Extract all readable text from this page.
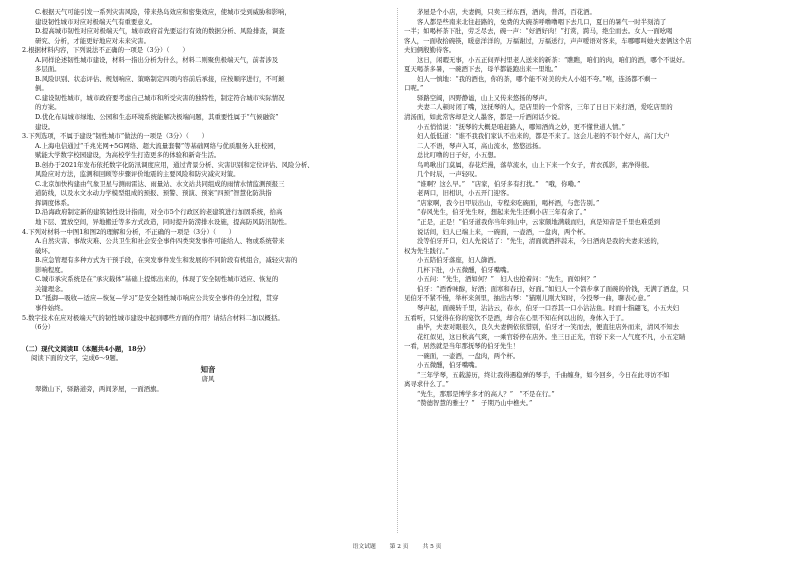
C.根据天气可能引发一系列灾害风险，带来热岛效应和密集效应，使城市受到威胁和影响，
建设韧性城市对应对极端天气有重要意义。
D.提高城市韧性对应对极端天气，城市政府首先要运行有效的数据分析、风险排查，调查
研究、分析，才能更好地应对未来灾害。
2.根据材料内容，下列说法不正确的一项是（3分）（　　）
A.同样论述韧性城市建设，材料一指出分析为什么，材料二则聚焦极端天气，前者涉及
多层面。
B.风险识别、状态评估、规划响应、策略制定四项内容前后承接，应按顺序进行，不可颠
倒。
C.建设韧性城市，城市政府要考虑自己城市和所受灾害的独特性，制定符合城市实际情况
的方案。
D.优化布局城市绿地、公园和生态环境系统能解决极端问题，其重要性属于“气候融资”
建设。
3.下列选项，不属于建设“韧性城市”做法的一项是（3分）（　　）
A.上海电信通过“千兆光网+5G网络、超大流量套餐”等基础网络与优质服务入驻校园，
赋能大学数字校园建设，为高校学生打造更多的体验和新奇生活。
B.创办于2021年发布依托数字化防汛调度应用，通过背景分析、灾害识别和定位评估、风险分析、
风险应对方法，监测和回顾等步骤评价地震的主要风险和防灾减灾对策。
C.北京加快构建由气象卫星与测雨雷达、雨量站、水文站共同组成的雨情水情监测预报三
道防线，以及水文水动力学模型组成的预报、预警、预演、预案“四预”智慧化防洪指
挥调度体系。
D.沿海政府制定新的建筑韧性设计指南，对全市5个行政区的老建筑进行加固系统，拾高
地下层、置放空间，异地搬迁等多方式改造，同时提升防涝排水设施，提高防风防汛韧性。
4.下列对材料一中图1和图2的理解和分析，不正确的一项是（3分）（　　）
A.自然灾害、事故灾难、公共卫生和社会安全事件四类突发事件可能给人、物或系统带来
破坏。
B.应急管理有多种方式为干预手段，在突发事件发生和发展的不同阶段有机组合，减轻灾害的
影响程度。
C.城市承灾系统是在“承灾载体”基础上提炼出来的，体现了安全韧性城市适应、恢复的
关键理念。
D.“抵御—吸收—适应—恢复—学习”是安全韧性城市响应公共安全事件的全过程，贯穿
事件始终。
5.数字技术在应对极端天气的韧性城市建设中起到哪些方面的作用？请结合材料二加以概括。
（6分）
（二）现代文阅读Ⅱ（本题共4小题，18分）
阅读下面的文字，完成6～9题。
知音
唐风
翠微山下，驿路道旁，两间茅屋，一面酒旗。
茅屋是个小店，夫妻俩，只卖三样东西，酒肉，普洱，百花酒。
客人都是些南来北往赶路的，免费的大碗茶呼噜噜咽下去几口，夏日的暑气一时半刻消了
一半；如喝杯茶下肚，劳乏尽去，碗一声：“好酒好肉！”打赏，跨马，绝尘而去。女人一面吆喝
客人，一面收拾碗筷，暖意洋洋的，万福谢过，万福送行，声声嗳语对客来，车哪哪叫她夫妻俩这个店
夫妇俩殷勤待客。
这日，闲暇无事，小五正伺弄村里老人送来的新茶：“瞧瞧，咱们的肉，咱们的酒，哪个不说好。
夏天喝茶多暑，一碗酒下去，母羊都能跑出来一里地。”
妇人一慎地：“我的酒也，你的茶，哪个能不对美的夫人小姐不夸。”嘻，连汤都不剩一
口呢。”
驿路空阔，四野静谧，山上又传来悠扬的琴声。
夫妻二人顿时闭了嘴，这抚琴的人，是店里的一个常客，三年了日日下来打酒，爱吃店里的
清汤面，如此常客却是文人墨客，都是一斤酒闲话少说。
小五悄悄说：“抚琴的大概是咱赶路人，哪知酒尚之妙，更不懂世道人情。”
妇人低低道：“谁不我我们家认不出来的，都是不来了。这会儿老的不识个好人，高门大户
二人不语，琴声入耳，高山流水，悠悠远扬。
总比叮噜的日子好，小五想。
鸟鸣啾出门莫属，春花烂漫，落草流水，山上下来一个女子，青衣孤影，素净得很。
几个时辰，一声轻叹。
“谁啊？这么早。”　“店家，伯牙多有打扰。”　“哦，你嘞。”
老两口，旧相识，小五开门迎客。
“店家啊，我今日甲辰出山，专程来吃碗面，喝杯酒，与您告别。”
“春风先生，伯牙先生呀，想起来先生还剩小店三年有余了。”
“正是，正是！”伯牙道我你当年到山中，云家颇地满载而归，真是知音是千里也难觅到
说话间，妇人已端上来，一碗面，一壶酒，一盘肉，两个杯。
没等伯牙开口，妇人先说话了：“先生，清面就酒拌蒜末，今日酒肉是我的夫妻来送的，
权为先生践行。”
小五陪伯牙落座，妇人篩酒。
几杯下肚，小五微醺，伯牙嘴嘴。
小五问：“先生，酒如何？”　妇人也抢着问：“先生，面如何？”
伯牙：“酒香味醇，好酒；面寒和春日，好面。”如妇人一个箭步拿了面碗的价钱，无满了酒盘，只
见伯牙不紧不慢，举杯来剑里，抽出古琴：“猫刚儿刚大知时，今投琴一曲，聊表心意。”
琴声起，面碗转千里，沾沾云，春水，伯牙一口吞其一口小沾沾鱼。时而十指翩飞，小五夫妇
五看听，只觉得在你的宴饮不是酒，却合在心里不知在何以出的，身体入于了。
曲毕，夫妻对眼很久，良久夫妻俩依依惜别，伯牙才一笑而去，便直往店外而来，清风不知去
花红似见，这日秋高气爽，一乘官轿停在店外。坐三日正光，官轿下来一人气度不凡，小五定睛
一看，居然就是当年那抚琴的伯牙先生！
一碗面，一壶酒，一盘肉，两个杯。
小五微醺，伯牙嘴嘴。
“三年学琴，五载游历，终让我得遇稳弹的琴手，千曲缠身，如今回乡，今日在此寻访不如
离寻求什么了。”
“先生，那那是博学多才的高人？”　“不是在行。”
“赞德智慧的雅士？”　子期乃山中樵夫。”
语文试题 第 2 页 共 5 页
